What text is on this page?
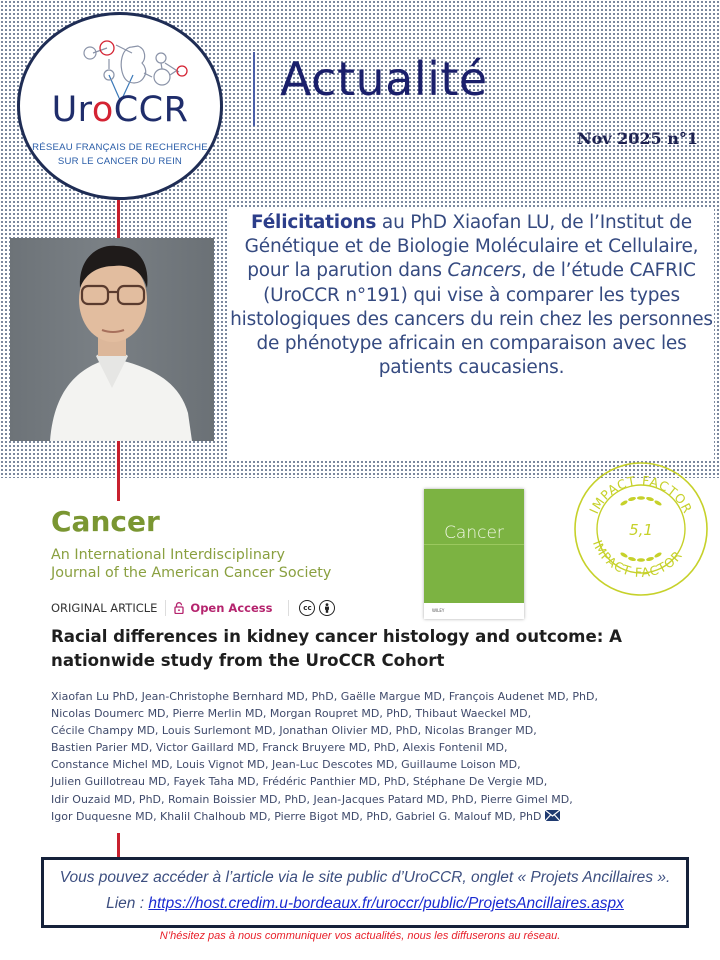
UroCCR
RÉSEAU FRANÇAIS DE RECHERCHE
SUR LE CANCER DU REIN
Actualité
Nov 2025 n°1
Félicitations au PhD Xiaofan LU, de l’Institut de Génétique et de Biologie Moléculaire et Cellulaire, pour la parution dans Cancers, de l’étude CAFRIC (UroCCR n°191) qui vise à comparer les types histologiques des cancers du rein chez les personnes de phénotype africain en comparaison avec les patients caucasiens.
Cancer
An International Interdisciplinary
Journal of the American Cancer Society
ORIGINAL ARTICLE	Open Access	cc
Cancer
WILEY
IMPACT FACTOR
IMPACT FACTOR
5,1
Racial differences in kidney cancer histology and outcome: A nationwide study from the UroCCR Cohort
Xiaofan Lu PhD, Jean-Christophe Bernhard MD, PhD, Gaëlle Margue MD, François Audenet MD, PhD,
Nicolas Doumerc MD, Pierre Merlin MD, Morgan Roupret MD, PhD, Thibaut Waeckel MD,
Cécile Champy MD, Louis Surlemont MD, Jonathan Olivier MD, PhD, Nicolas Branger MD,
Bastien Parier MD, Victor Gaillard MD, Franck Bruyere MD, PhD, Alexis Fontenil MD,
Constance Michel MD, Louis Vignot MD, Jean-Luc Descotes MD, Guillaume Loison MD,
Julien Guillotreau MD, Fayek Taha MD, Frédéric Panthier MD, PhD, Stéphane De Vergie MD,
Idir Ouzaid MD, PhD, Romain Boissier MD, PhD, Jean-Jacques Patard MD, PhD, Pierre Gimel MD,
Igor Duquesne MD, Khalil Chalhoub MD, Pierre Bigot MD, PhD, Gabriel G. Malouf MD, PhD
Vous pouvez accéder à l’article via le site public d’UroCCR, onglet « Projets Ancillaires ».
Lien : https://host.credim.u-bordeaux.fr/uroccr/public/ProjetsAncillaires.aspx
N’hésitez pas à nous communiquer vos actualités, nous les diffuserons au réseau.
